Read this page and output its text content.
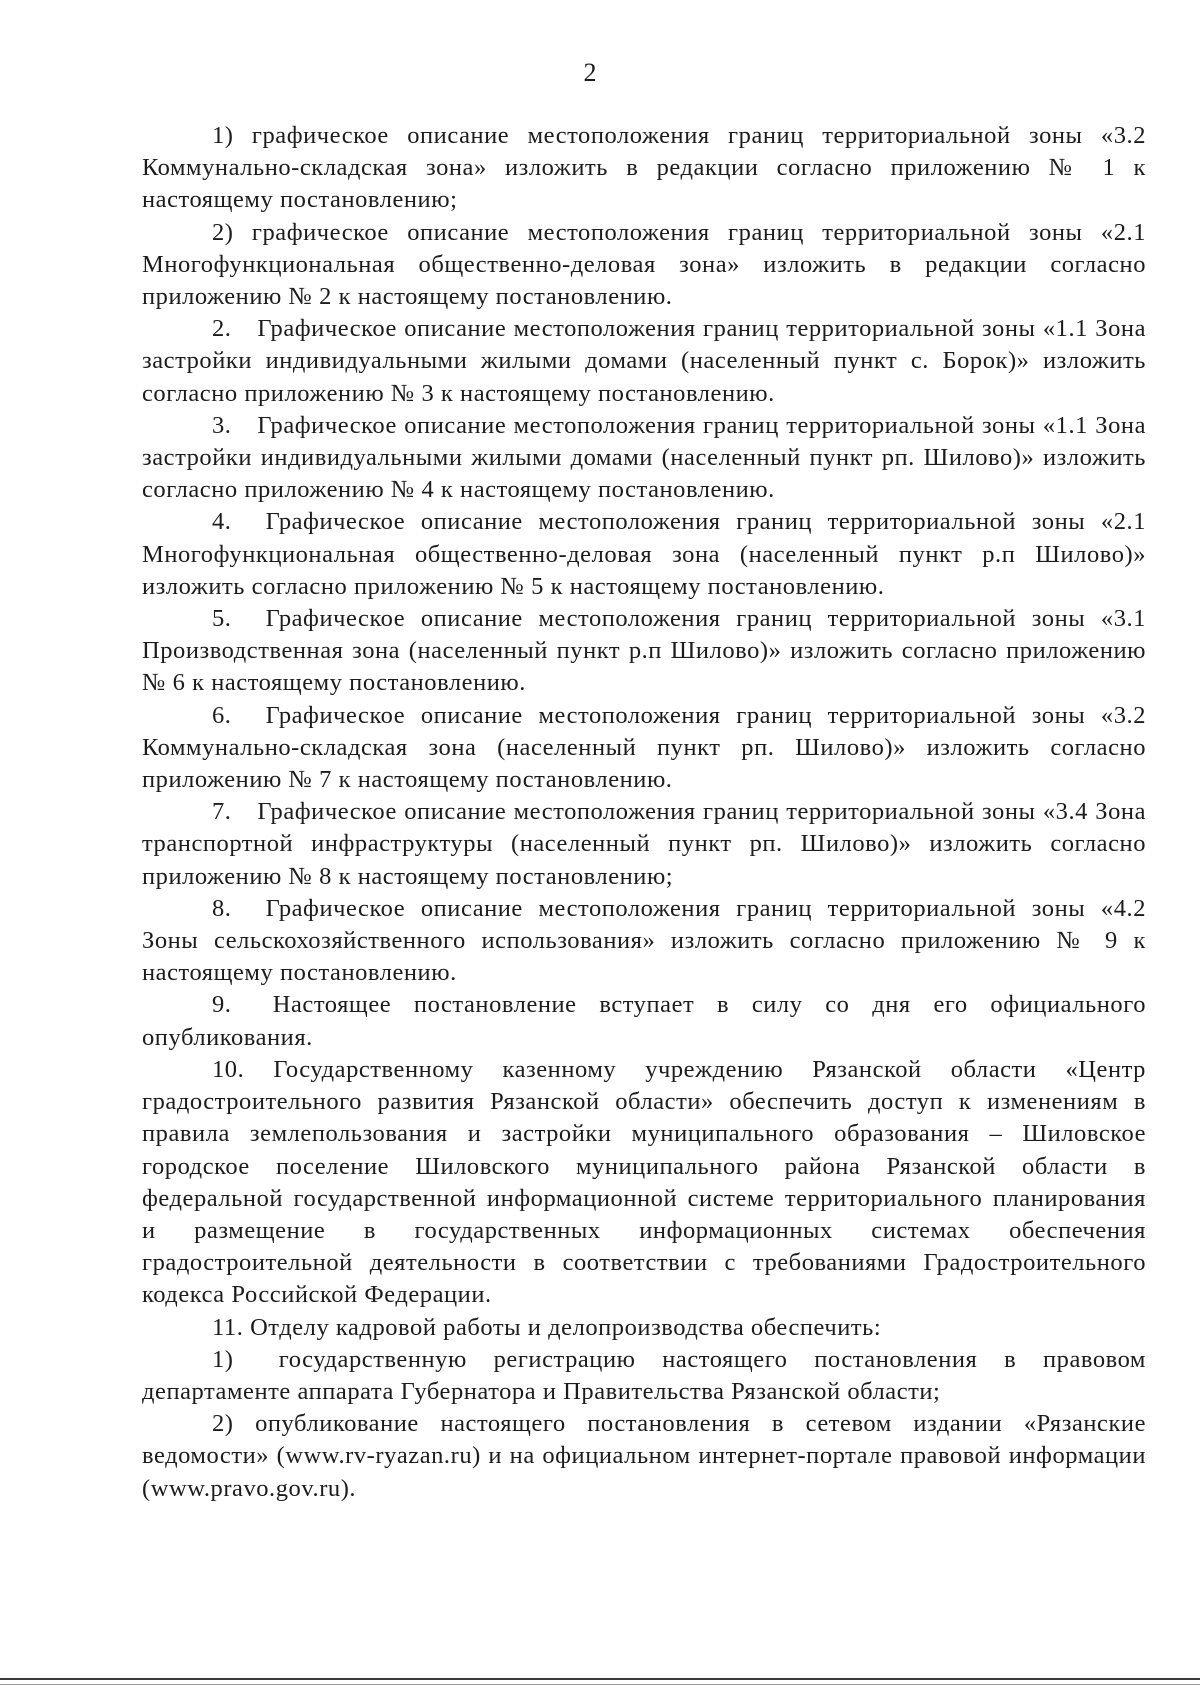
2

1) графическое описание местоположения границ территориальной зоны «3.2 Коммунально-складская зона» изложить в редакции согласно приложению № 1 к настоящему постановлению;

2) графическое описание местоположения границ территориальной зоны «2.1 Многофункциональная общественно-деловая зона» изложить в редакции согласно приложению № 2 к настоящему постановлению.

2. Графическое описание местоположения границ территориальной зоны «1.1 Зона застройки индивидуальными жилыми домами (населенный пункт с. Борок)» изложить согласно приложению № 3 к настоящему постановлению.

3. Графическое описание местоположения границ территориальной зоны «1.1 Зона застройки индивидуальными жилыми домами (населенный пункт рп. Шилово)» изложить согласно приложению № 4 к настоящему постановлению.

4. Графическое описание местоположения границ территориальной зоны «2.1 Многофункциональная общественно-деловая зона (населенный пункт р.п Шилово)» изложить согласно приложению № 5 к настоящему постановлению.

5. Графическое описание местоположения границ территориальной зоны «3.1 Производственная зона (населенный пункт р.п Шилово)» изложить согласно приложению № 6 к настоящему постановлению.

6. Графическое описание местоположения границ территориальной зоны «3.2 Коммунально-складская зона (населенный пункт рп. Шилово)» изложить согласно приложению № 7 к настоящему постановлению.

7. Графическое описание местоположения границ территориальной зоны «3.4 Зона транспортной инфраструктуры (населенный пункт рп. Шилово)» изложить согласно приложению № 8 к настоящему постановлению;

8. Графическое описание местоположения границ территориальной зоны «4.2 Зоны сельскохозяйственного использования» изложить согласно приложению № 9 к настоящему постановлению.

9. Настоящее постановление вступает в силу со дня его официального опубликования.

10. Государственному казенному учреждению Рязанской области «Центр градостроительного развития Рязанской области» обеспечить доступ к изменениям в правила землепользования и застройки муниципального образования – Шиловское городское поселение Шиловского муниципального района Рязанской области в федеральной государственной информационной системе территориального планирования и размещение в государственных информационных системах обеспечения градостроительной деятельности в соответствии с требованиями Градостроительного кодекса Российской Федерации.

11. Отделу кадровой работы и делопроизводства обеспечить:

1) государственную регистрацию настоящего постановления в правовом департаменте аппарата Губернатора и Правительства Рязанской области;

2) опубликование настоящего постановления в сетевом издании «Рязанские ведомости» (www.rv-ryazan.ru) и на официальном интернет-портале правовой информации (www.pravo.gov.ru).
